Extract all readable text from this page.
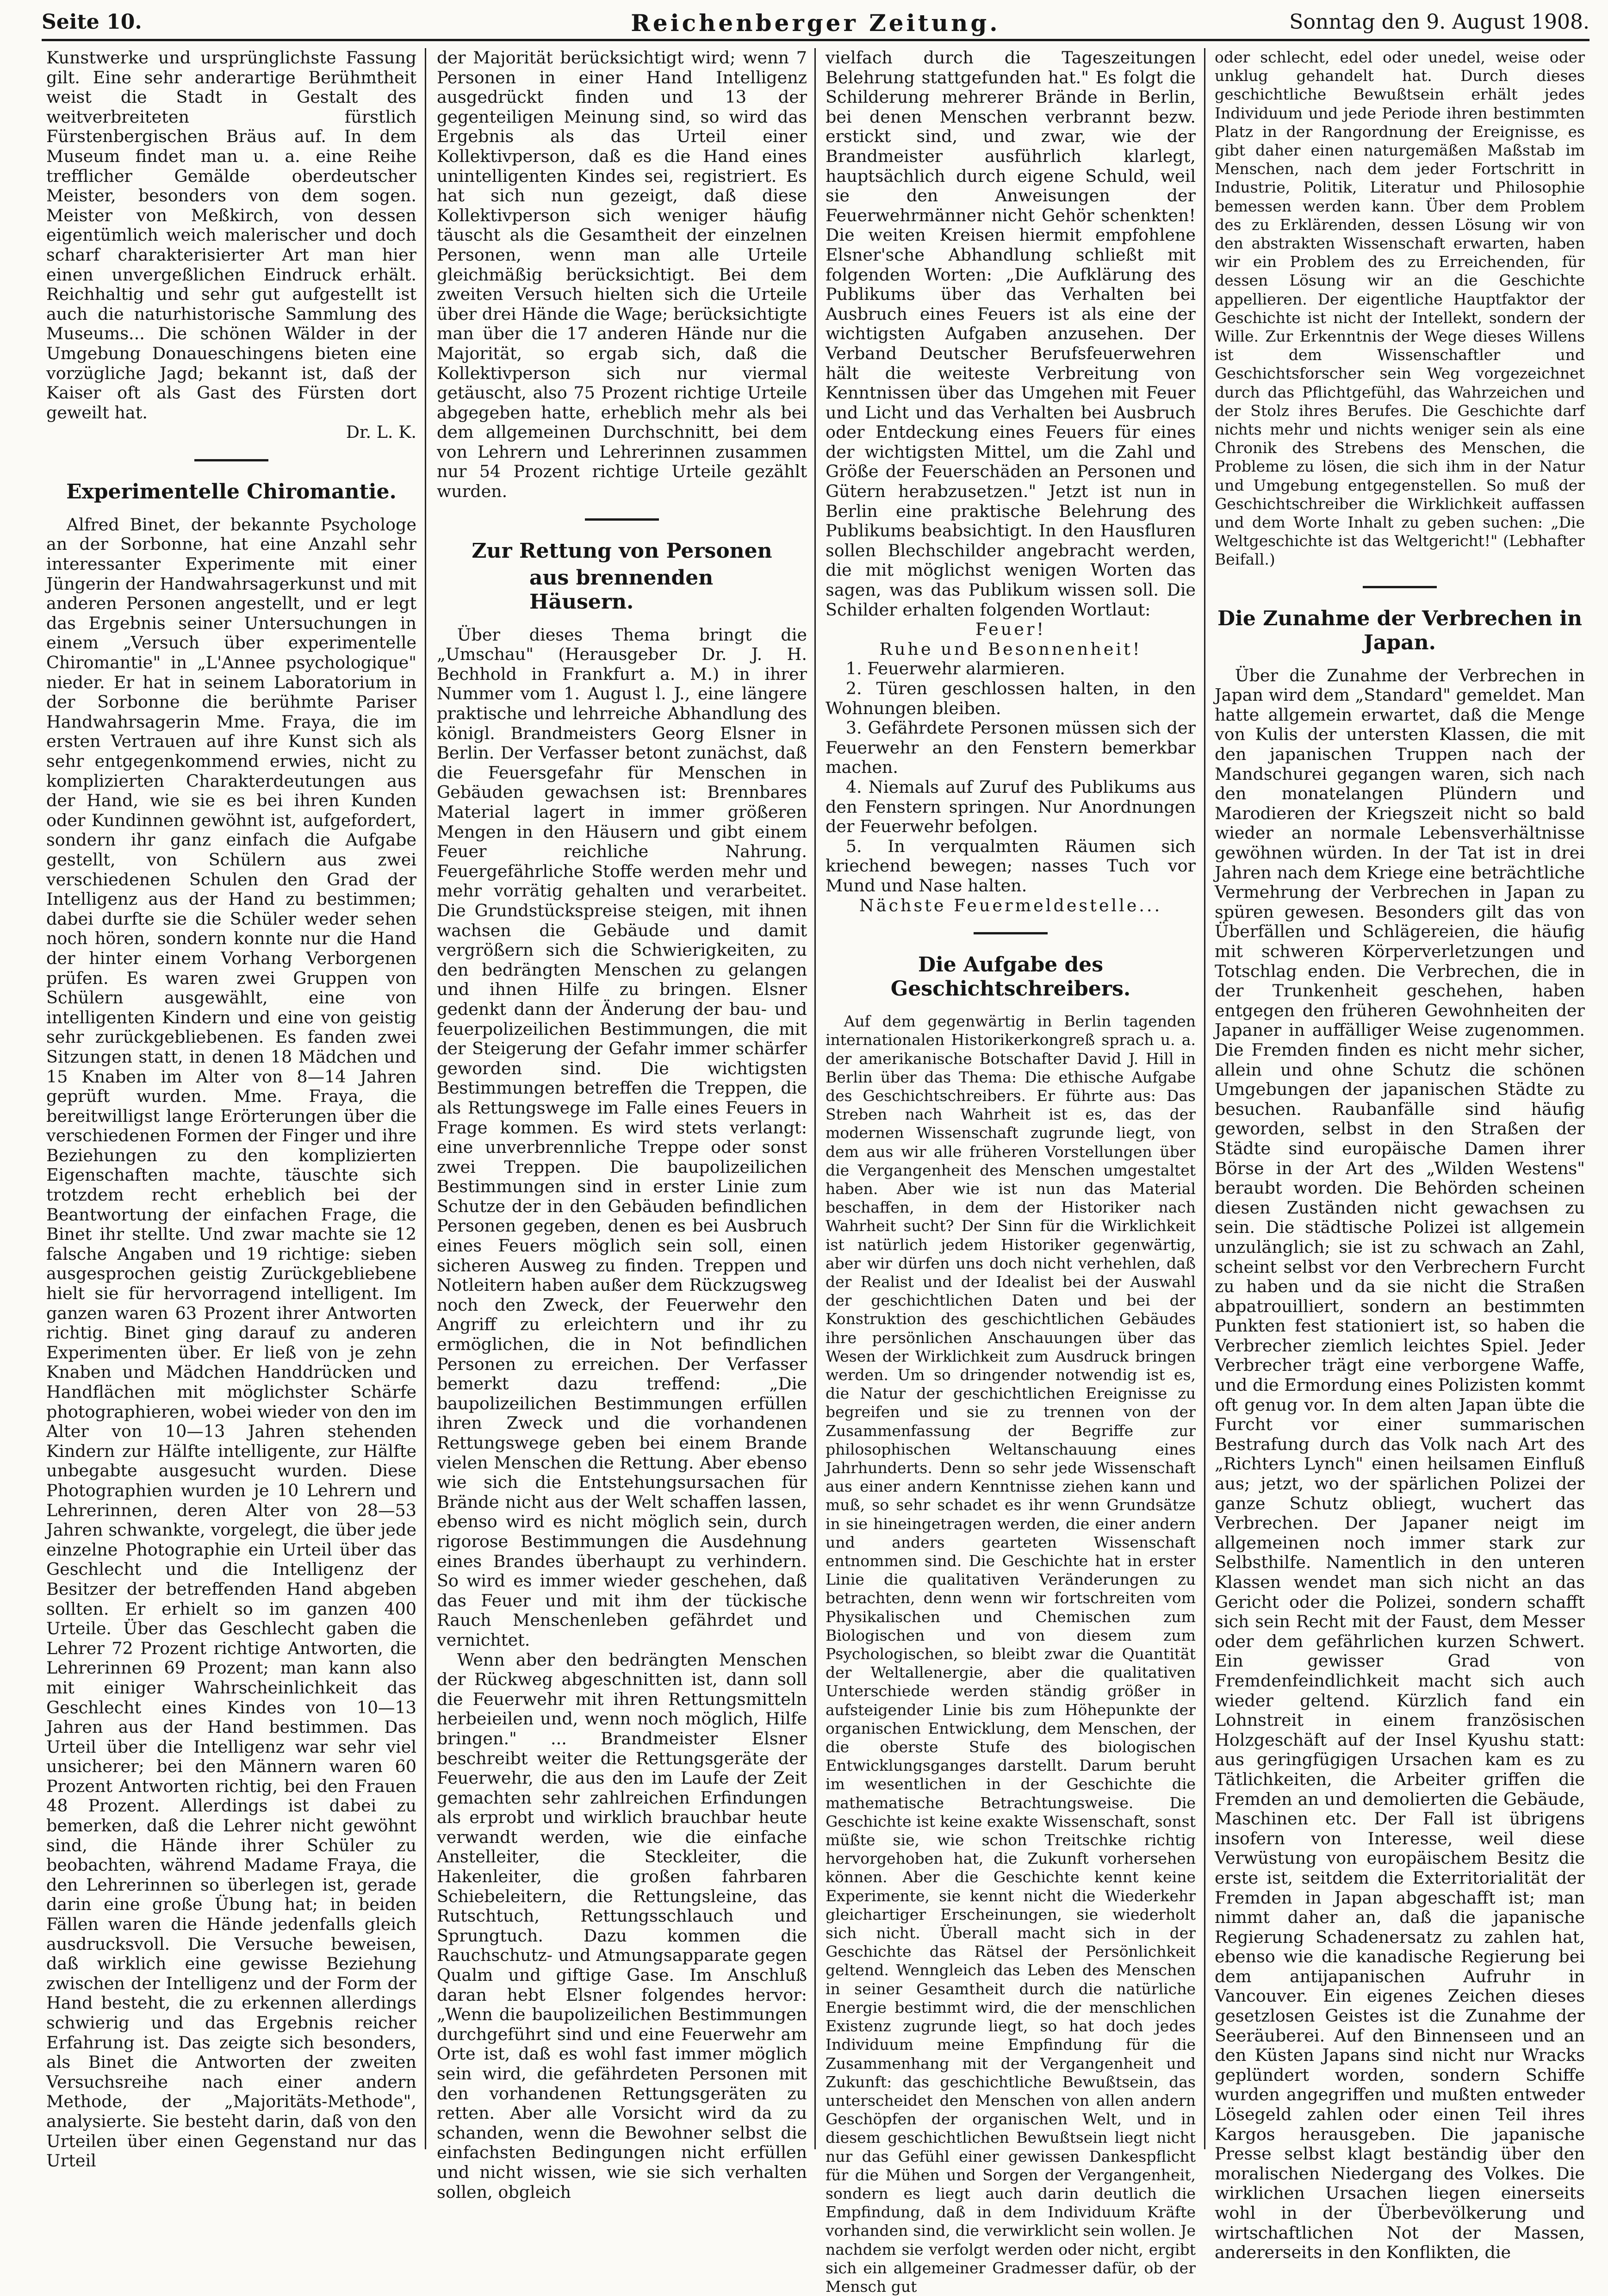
Seite 10.	Reichenberger Zeitung.	Sonntag den 9. August 1908.

Kunstwerke und ursprünglichste Fassung gilt. Eine sehr anderartige Berühmtheit weist die Stadt in Gestalt des weitverbreiteten fürstlich Fürstenbergischen Bräus auf. In dem Museum findet man u. a. eine Reihe trefflicher Gemälde oberdeutscher Meister, besonders von dem sogen. Meister von Meßkirch, von dessen eigentümlich weich malerischer und doch scharf charakterisierter Art man hier einen unvergeßlichen Eindruck erhält. Reichhaltig und sehr gut aufgestellt ist auch die naturhistorische Sammlung des Museums... Die schönen Wälder in der Umgebung Donaueschingens bieten eine vorzügliche Jagd; bekannt ist, daß der Kaiser oft als Gast des Fürsten dort geweilt hat.

Dr. L. K.

Experimentelle Chiromantie.

Alfred Binet, der bekannte Psychologe an der Sorbonne, hat eine Anzahl sehr interessanter Experimente mit einer Jüngerin der Handwahrsagerkunst und mit anderen Personen angestellt, und er legt das Ergebnis seiner Untersuchungen in einem „Versuch über experimentelle Chiromantie" in „L'Annee psychologique" nieder. Er hat in seinem Laboratorium in der Sorbonne die berühmte Pariser Handwahrsagerin Mme. Fraya, die im ersten Vertrauen auf ihre Kunst sich als sehr entgegenkommend erwies, nicht zu komplizierten Charakterdeutungen aus der Hand, wie sie es bei ihren Kunden oder Kundinnen gewöhnt ist, aufgefordert, sondern ihr ganz einfach die Aufgabe gestellt, von Schülern aus zwei verschiedenen Schulen den Grad der Intelligenz aus der Hand zu bestimmen; dabei durfte sie die Schüler weder sehen noch hören, sondern konnte nur die Hand der hinter einem Vorhang Verborgenen prüfen. Es waren zwei Gruppen von Schülern ausgewählt, eine von intelligenten Kindern und eine von geistig sehr zurückgebliebenen. Es fanden zwei Sitzungen statt, in denen 18 Mädchen und 15 Knaben im Alter von 8—14 Jahren geprüft wurden. Mme. Fraya, die bereitwilligst lange Erörterungen über die verschiedenen Formen der Finger und ihre Beziehungen zu den komplizierten Eigenschaften machte, täuschte sich trotzdem recht erheblich bei der Beantwortung der einfachen Frage, die Binet ihr stellte. Und zwar machte sie 12 falsche Angaben und 19 richtige: sieben ausgesprochen geistig Zurückgebliebene hielt sie für hervorragend intelligent. Im ganzen waren 63 Prozent ihrer Antworten richtig. Binet ging darauf zu anderen Experimenten über. Er ließ von je zehn Knaben und Mädchen Handdrücken und Handflächen mit möglichster Schärfe photographieren, wobei wieder von den im Alter von 10—13 Jahren stehenden Kindern zur Hälfte intelligente, zur Hälfte unbegabte ausgesucht wurden. Diese Photographien wurden je 10 Lehrern und Lehrerinnen, deren Alter von 28—53 Jahren schwankte, vorgelegt, die über jede einzelne Photographie ein Urteil über das Geschlecht und die Intelligenz der Besitzer der betreffenden Hand abgeben sollten. Er erhielt so im ganzen 400 Urteile. Über das Geschlecht gaben die Lehrer 72 Prozent richtige Antworten, die Lehrerinnen 69 Prozent; man kann also mit einiger Wahrscheinlichkeit das Geschlecht eines Kindes von 10—13 Jahren aus der Hand bestimmen. Das Urteil über die Intelligenz war sehr viel unsicherer; bei den Männern waren 60 Prozent Antworten richtig, bei den Frauen 48 Prozent. Allerdings ist dabei zu bemerken, daß die Lehrer nicht gewöhnt sind, die Hände ihrer Schüler zu beobachten, während Madame Fraya, die den Lehrerinnen so überlegen ist, gerade darin eine große Übung hat; in beiden Fällen waren die Hände jedenfalls gleich ausdrucksvoll. Die Versuche beweisen, daß wirklich eine gewisse Beziehung zwischen der Intelligenz und der Form der Hand besteht, die zu erkennen allerdings schwierig und das Ergebnis reicher Erfahrung ist. Das zeigte sich besonders, als Binet die Antworten der zweiten Versuchsreihe nach einer andern Methode, der „Majoritäts-Methode", analysierte. Sie besteht darin, daß von den Urteilen über einen Gegenstand nur das Urteil

der Majorität berücksichtigt wird; wenn 7 Personen in einer Hand Intelligenz ausgedrückt finden und 13 der gegenteiligen Meinung sind, so wird das Ergebnis als das Urteil einer Kollektivperson, daß es die Hand eines unintelligenten Kindes sei, registriert. Es hat sich nun gezeigt, daß diese Kollektivperson sich weniger häufig täuscht als die Gesamtheit der einzelnen Personen, wenn man alle Urteile gleichmäßig berücksichtigt. Bei dem zweiten Versuch hielten sich die Urteile über drei Hände die Wage; berücksichtigte man über die 17 anderen Hände nur die Majorität, so ergab sich, daß die Kollektivperson sich nur viermal getäuscht, also 75 Prozent richtige Urteile abgegeben hatte, erheblich mehr als bei dem allgemeinen Durchschnitt, bei dem von Lehrern und Lehrerinnen zusammen nur 54 Prozent richtige Urteile gezählt wurden.

Zur Rettung von Personen
aus brennenden Häusern.

Über dieses Thema bringt die „Umschau" (Herausgeber Dr. J. H. Bechhold in Frankfurt a. M.) in ihrer Nummer vom 1. August l. J., eine längere praktische und lehrreiche Abhandlung des königl. Brandmeisters Georg Elsner in Berlin. Der Verfasser betont zunächst, daß die Feuersgefahr für Menschen in Gebäuden gewachsen ist: Brennbares Material lagert in immer größeren Mengen in den Häusern und gibt einem Feuer reichliche Nahrung. Feuergefährliche Stoffe werden mehr und mehr vorrätig gehalten und verarbeitet. Die Grundstückspreise steigen, mit ihnen wachsen die Gebäude und damit vergrößern sich die Schwierigkeiten, zu den bedrängten Menschen zu gelangen und ihnen Hilfe zu bringen. Elsner gedenkt dann der Änderung der bau- und feuerpolizeilichen Bestimmungen, die mit der Steigerung der Gefahr immer schärfer geworden sind. Die wichtigsten Bestimmungen betreffen die Treppen, die als Rettungswege im Falle eines Feuers in Frage kommen. Es wird stets verlangt: eine unverbrennliche Treppe oder sonst zwei Treppen. Die baupolizeilichen Bestimmungen sind in erster Linie zum Schutze der in den Gebäuden befindlichen Personen gegeben, denen es bei Ausbruch eines Feuers möglich sein soll, einen sicheren Ausweg zu finden. Treppen und Notleitern haben außer dem Rückzugsweg noch den Zweck, der Feuerwehr den Angriff zu erleichtern und ihr zu ermöglichen, die in Not befindlichen Personen zu erreichen. Der Verfasser bemerkt dazu treffend: „Die baupolizeilichen Bestimmungen erfüllen ihren Zweck und die vorhandenen Rettungswege geben bei einem Brande vielen Menschen die Rettung. Aber ebenso wie sich die Entstehungsursachen für Brände nicht aus der Welt schaffen lassen, ebenso wird es nicht möglich sein, durch rigorose Bestimmungen die Ausdehnung eines Brandes überhaupt zu verhindern. So wird es immer wieder geschehen, daß das Feuer und mit ihm der tückische Rauch Menschenleben gefährdet und vernichtet.

Wenn aber den bedrängten Menschen der Rückweg abgeschnitten ist, dann soll die Feuerwehr mit ihren Rettungsmitteln herbeieilen und, wenn noch möglich, Hilfe bringen." ... Brandmeister Elsner beschreibt weiter die Rettungsgeräte der Feuerwehr, die aus den im Laufe der Zeit gemachten sehr zahlreichen Erfindungen als erprobt und wirklich brauchbar heute verwandt werden, wie die einfache Anstelleiter, die Steckleiter, die Hakenleiter, die großen fahrbaren Schiebeleitern, die Rettungsleine, das Rutschtuch, Rettungsschlauch und Sprungtuch. Dazu kommen die Rauchschutz- und Atmungsapparate gegen Qualm und giftige Gase. Im Anschluß daran hebt Elsner folgendes hervor: „Wenn die baupolizeilichen Bestimmungen durchgeführt sind und eine Feuerwehr am Orte ist, daß es wohl fast immer möglich sein wird, die gefährdeten Personen mit den vorhandenen Rettungsgeräten zu retten. Aber alle Vorsicht wird da zu schanden, wenn die Bewohner selbst die einfachsten Bedingungen nicht erfüllen und nicht wissen, wie sie sich verhalten sollen, obgleich

vielfach durch die Tageszeitungen Belehrung stattgefunden hat." Es folgt die Schilderung mehrerer Brände in Berlin, bei denen Menschen verbrannt bezw. erstickt sind, und zwar, wie der Brandmeister ausführlich klarlegt, hauptsächlich durch eigene Schuld, weil sie den Anweisungen der Feuerwehrmänner nicht Gehör schenkten! Die weiten Kreisen hiermit empfohlene Elsner'sche Abhandlung schließt mit folgenden Worten: „Die Aufklärung des Publikums über das Verhalten bei Ausbruch eines Feuers ist als eine der wichtigsten Aufgaben anzusehen. Der Verband Deutscher Berufsfeuerwehren hält die weiteste Verbreitung von Kenntnissen über das Umgehen mit Feuer und Licht und das Verhalten bei Ausbruch oder Entdeckung eines Feuers für eines der wichtigsten Mittel, um die Zahl und Größe der Feuerschäden an Personen und Gütern herabzusetzen." Jetzt ist nun in Berlin eine praktische Belehrung des Publikums beabsichtigt. In den Hausfluren sollen Blechschilder angebracht werden, die mit möglichst wenigen Worten das sagen, was das Publikum wissen soll. Die Schilder erhalten folgenden Wortlaut:

Feuer!

Ruhe und Besonnenheit!

1. Feuerwehr alarmieren.
2. Türen geschlossen halten, in den Wohnungen bleiben.
3. Gefährdete Personen müssen sich der Feuerwehr an den Fenstern bemerkbar machen.
4. Niemals auf Zuruf des Publikums aus den Fenstern springen. Nur Anordnungen der Feuerwehr befolgen.
5. In verqualmten Räumen sich kriechend bewegen; nasses Tuch vor Mund und Nase halten.

Nächste Feuermeldestelle...

Die Aufgabe des Geschichtschreibers.

Auf dem gegenwärtig in Berlin tagenden internationalen Historikerkongreß sprach u. a. der amerikanische Botschafter David J. Hill in Berlin über das Thema: Die ethische Aufgabe des Geschichtschreibers. Er führte aus: Das Streben nach Wahrheit ist es, das der modernen Wissenschaft zugrunde liegt, von dem aus wir alle früheren Vorstellungen über die Vergangenheit des Menschen umgestaltet haben. Aber wie ist nun das Material beschaffen, in dem der Historiker nach Wahrheit sucht? Der Sinn für die Wirklichkeit ist natürlich jedem Historiker gegenwärtig, aber wir dürfen uns doch nicht verhehlen, daß der Realist und der Idealist bei der Auswahl der geschichtlichen Daten und bei der Konstruktion des geschichtlichen Gebäudes ihre persönlichen Anschauungen über das Wesen der Wirklichkeit zum Ausdruck bringen werden. Um so dringender notwendig ist es, die Natur der geschichtlichen Ereignisse zu begreifen und sie zu trennen von der Zusammenfassung der Begriffe zur philosophischen Weltanschauung eines Jahrhunderts. Denn so sehr jede Wissenschaft aus einer andern Kenntnisse ziehen kann und muß, so sehr schadet es ihr wenn Grundsätze in sie hineingetragen werden, die einer andern und anders gearteten Wissenschaft entnommen sind. Die Geschichte hat in erster Linie die qualitativen Veränderungen zu betrachten, denn wenn wir fortschreiten vom Physikalischen und Chemischen zum Biologischen und von diesem zum Psychologischen, so bleibt zwar die Quantität der Weltallenergie, aber die qualitativen Unterschiede werden ständig größer in aufsteigender Linie bis zum Höhepunkte der organischen Entwicklung, dem Menschen, der die oberste Stufe des biologischen Entwicklungsganges darstellt. Darum beruht im wesentlichen in der Geschichte die mathematische Betrachtungsweise. Die Geschichte ist keine exakte Wissenschaft, sonst müßte sie, wie schon Treitschke richtig hervorgehoben hat, die Zukunft vorhersehen können. Aber die Geschichte kennt keine Experimente, sie kennt nicht die Wiederkehr gleichartiger Erscheinungen, sie wiederholt sich nicht. Überall macht sich in der Geschichte das Rätsel der Persönlichkeit geltend. Wenngleich das Leben des Menschen in seiner Gesamtheit durch die natürliche Energie bestimmt wird, die der menschlichen Existenz zugrunde liegt, so hat doch jedes Individuum meine Empfindung für die Zusammenhang mit der Vergangenheit und Zukunft: das geschichtliche Bewußtsein, das unterscheidet den Menschen von allen andern Geschöpfen der organischen Welt, und in diesem geschichtlichen Bewußtsein liegt nicht nur das Gefühl einer gewissen Dankespflicht für die Mühen und Sorgen der Vergangenheit, sondern es liegt auch darin deutlich die Empfindung, daß in dem Individuum Kräfte vorhanden sind, die verwirklicht sein wollen. Je nachdem sie verfolgt werden oder nicht, ergibt sich ein allgemeiner Gradmesser dafür, ob der Mensch gut

oder schlecht, edel oder unedel, weise oder unklug gehandelt hat. Durch dieses geschichtliche Bewußtsein erhält jedes Individuum und jede Periode ihren bestimmten Platz in der Rangordnung der Ereignisse, es gibt daher einen naturgemäßen Maßstab im Menschen, nach dem jeder Fortschritt in Industrie, Politik, Literatur und Philosophie bemessen werden kann. Über dem Problem des zu Erklärenden, dessen Lösung wir von den abstrakten Wissenschaft erwarten, haben wir ein Problem des zu Erreichenden, für dessen Lösung wir an die Geschichte appellieren. Der eigentliche Hauptfaktor der Geschichte ist nicht der Intellekt, sondern der Wille. Zur Erkenntnis der Wege dieses Willens ist dem Wissenschaftler und Geschichtsforscher sein Weg vorgezeichnet durch das Pflichtgefühl, das Wahrzeichen und der Stolz ihres Berufes. Die Geschichte darf nichts mehr und nichts weniger sein als eine Chronik des Strebens des Menschen, die Probleme zu lösen, die sich ihm in der Natur und Umgebung entgegenstellen. So muß der Geschichtschreiber die Wirklichkeit auffassen und dem Worte Inhalt zu geben suchen: „Die Weltgeschichte ist das Weltgericht!" (Lebhafter Beifall.)

Die Zunahme der Verbrechen in Japan.

Über die Zunahme der Verbrechen in Japan wird dem „Standard" gemeldet. Man hatte allgemein erwartet, daß die Menge von Kulis der untersten Klassen, die mit den japanischen Truppen nach der Mandschurei gegangen waren, sich nach den monatelangen Plündern und Marodieren der Kriegszeit nicht so bald wieder an normale Lebensverhältnisse gewöhnen würden. In der Tat ist in drei Jahren nach dem Kriege eine beträchtliche Vermehrung der Verbrechen in Japan zu spüren gewesen. Besonders gilt das von Überfällen und Schlägereien, die häufig mit schweren Körperverletzungen und Totschlag enden. Die Verbrechen, die in der Trunkenheit geschehen, haben entgegen den früheren Gewohnheiten der Japaner in auffälliger Weise zugenommen. Die Fremden finden es nicht mehr sicher, allein und ohne Schutz die schönen Umgebungen der japanischen Städte zu besuchen. Raubanfälle sind häufig geworden, selbst in den Straßen der Städte sind europäische Damen ihrer Börse in der Art des „Wilden Westens" beraubt worden. Die Behörden scheinen diesen Zuständen nicht gewachsen zu sein. Die städtische Polizei ist allgemein unzulänglich; sie ist zu schwach an Zahl, scheint selbst vor den Verbrechern Furcht zu haben und da sie nicht die Straßen abpatrouilliert, sondern an bestimmten Punkten fest stationiert ist, so haben die Verbrecher ziemlich leichtes Spiel. Jeder Verbrecher trägt eine verborgene Waffe, und die Ermordung eines Polizisten kommt oft genug vor. In dem alten Japan übte die Furcht vor einer summarischen Bestrafung durch das Volk nach Art des „Richters Lynch" einen heilsamen Einfluß aus; jetzt, wo der spärlichen Polizei der ganze Schutz obliegt, wuchert das Verbrechen. Der Japaner neigt im allgemeinen noch immer stark zur Selbsthilfe. Namentlich in den unteren Klassen wendet man sich nicht an das Gericht oder die Polizei, sondern schafft sich sein Recht mit der Faust, dem Messer oder dem gefährlichen kurzen Schwert. Ein gewisser Grad von Fremdenfeindlichkeit macht sich auch wieder geltend. Kürzlich fand ein Lohnstreit in einem französischen Holzgeschäft auf der Insel Kyushu statt: aus geringfügigen Ursachen kam es zu Tätlichkeiten, die Arbeiter griffen die Fremden an und demolierten die Gebäude, Maschinen etc. Der Fall ist übrigens insofern von Interesse, weil diese Verwüstung von europäischem Besitz die erste ist, seitdem die Exterritorialität der Fremden in Japan abgeschafft ist; man nimmt daher an, daß die japanische Regierung Schadenersatz zu zahlen hat, ebenso wie die kanadische Regierung bei dem antijapanischen Aufruhr in Vancouver. Ein eigenes Zeichen dieses gesetzlosen Geistes ist die Zunahme der Seeräuberei. Auf den Binnenseen und an den Küsten Japans sind nicht nur Wracks geplündert worden, sondern Schiffe wurden angegriffen und mußten entweder Lösegeld zahlen oder einen Teil ihres Kargos herausgeben. Die japanische Presse selbst klagt beständig über den moralischen Niedergang des Volkes. Die wirklichen Ursachen liegen einerseits wohl in der Überbevölkerung und wirtschaftlichen Not der Massen, andererseits in den Konflikten, die
